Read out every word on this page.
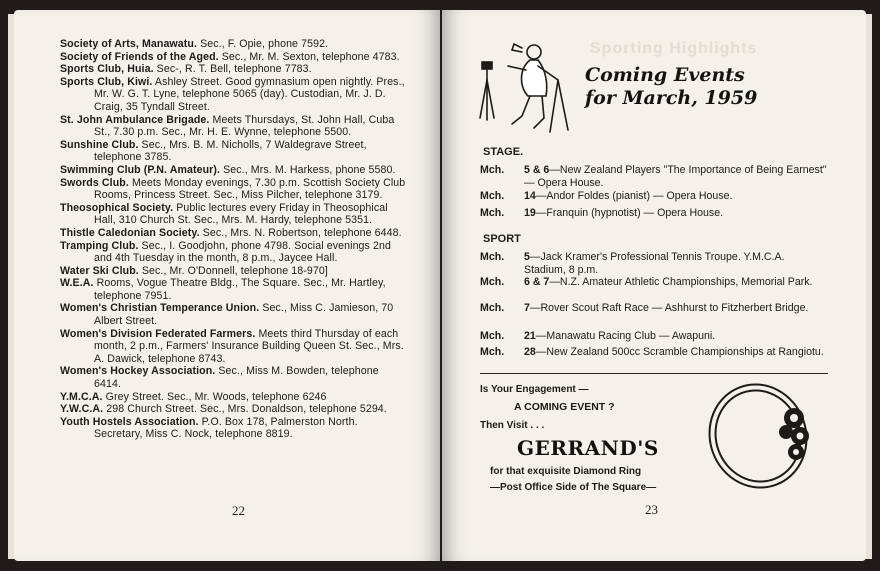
Society of Arts, Manawatu. Sec., F. Opie, phone 7592.

Society of Friends of the Aged. Sec., Mr. M. Sexton, telephone 4783.

Sports Club, Huia. Sec-, R. T. Bell, telephone 7783.

Sports Club, Kiwi. Ashley Street. Good gymnasium open nightly. Pres., Mr. W. G. T. Lyne, telephone 5065 (day). Custodian, Mr. J. D. Craig, 35 Tyndall Street.

St. John Ambulance Brigade. Meets Thursdays, St. John Hall, Cuba St., 7.30 p.m. Sec., Mr. H. E. Wynne, telephone 5500.

Sunshine Club. Sec., Mrs. B. M. Nicholls, 7 Waldegrave Street, telephone 3785.

Swimming Club (P.N. Amateur). Sec., Mrs. M. Harkess, phone 5580.

Swords Club. Meets Monday evenings, 7.30 p.m. Scottish Society Club Rooms, Princess Street. Sec., Miss Pilcher, telephone 3179.

Theosophical Society. Public lectures every Friday in Theosophical Hall, 310 Church St. Sec., Mrs. M. Hardy, telephone 5351.

Thistle Caledonian Society. Sec., Mrs. N. Robertson, telephone 6448.

Tramping Club. Sec., I. Goodjohn, phone 4798. Social evenings 2nd and 4th Tuesday in the month, 8 p.m., Jaycee Hall.

Water Ski Club. Sec., Mr. O'Donnell, telephone 18-970]

W.E.A. Rooms, Vogue Theatre Bldg., The Square. Sec., Mr. Hartley, telephone 7951.

Women's Christian Temperance Union. Sec., Miss C. Jamieson, 70 Albert Street.

Women's Division Federated Farmers. Meets third Thursday of each month, 2 p.m., Farmers' Insurance Building Queen St. Sec., Mrs. A. Dawick, telephone 8743.

Women's Hockey Association. Sec., Miss M. Bowden, telephone 6414.

Y.M.C.A. Grey Street. Sec., Mr. Woods, telephone 6246

Y.W.C.A. 298 Church Street. Sec., Mrs. Donaldson, telephone 5294.

Youth Hostels Association. P.O. Box 178, Palmerston North. Secretary, Miss C. Nock, telephone 8819.

22
Sporting Highlights
Coming Events
for March, 1959
STAGE.
Mch. 5 & 6—New Zealand Players "The Importance of Being Earnest" — Opera House.
Mch. 14—Andor Foldes (pianist) — Opera House.
Mch. 19—Franquin (hypnotist) — Opera House.
SPORT
Mch. 5—Jack Kramer's Professional Tennis Troupe. Y.M.C.A. Stadium, 8 p.m.
Mch. 6 & 7—N.Z. Amateur Athletic Championships, Memorial Park.
Mch. 7—Rover Scout Raft Race — Ashhurst to Fitzherbert Bridge.
Mch. 21—Manawatu Racing Club — Awapuni.
Mch. 28—New Zealand 500cc Scramble Championships at Rangiotu.
Is Your Engagement —
A COMING EVENT ?
Then Visit . . .
GERRAND'S
for that exquisite Diamond Ring
—Post Office Side of The Square—
23
